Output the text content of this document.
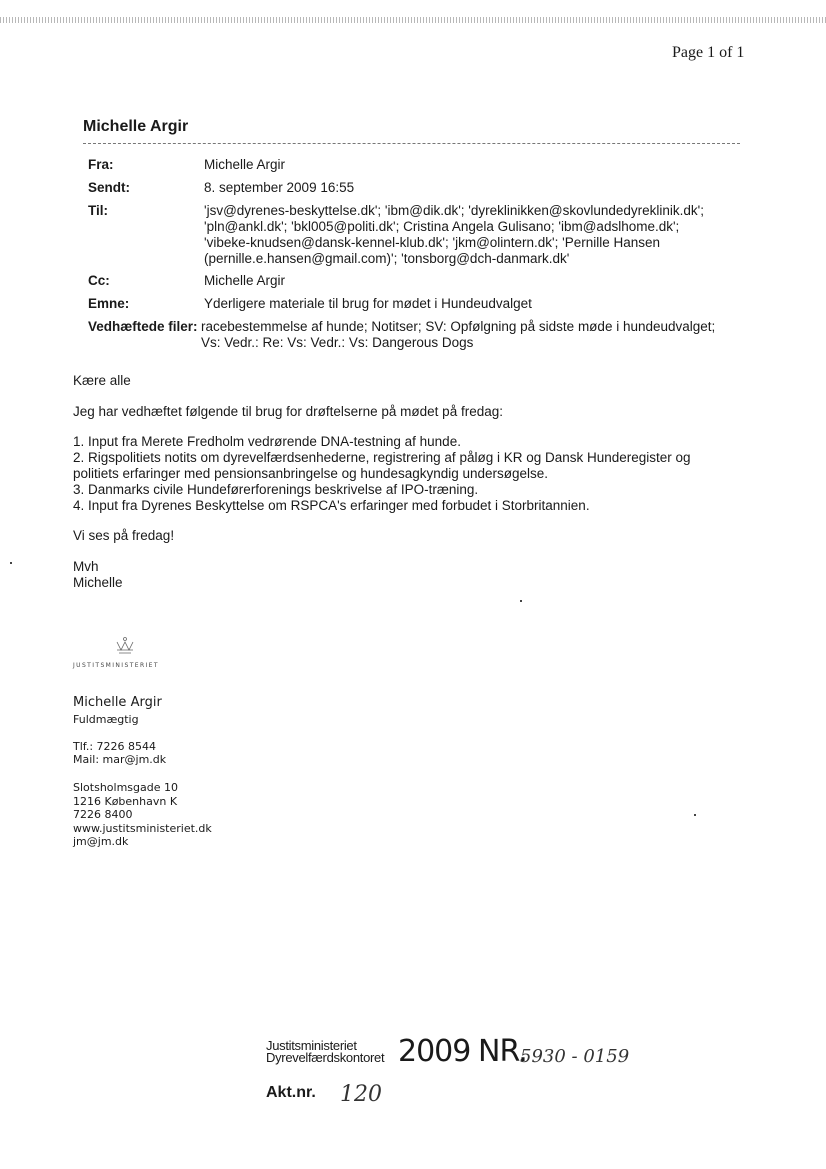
Page 1 of 1
Michelle Argir
Fra:	Michelle Argir
Sendt:	8. september 2009 16:55
Til:	'jsv@dyrenes-beskyttelse.dk'; 'ibm@dik.dk'; 'dyreklinikken@skovlundedyreklinik.dk';
'pln@ankl.dk'; 'bkl005@politi.dk'; Cristina Angela Gulisano; 'ibm@adslhome.dk';
'vibeke-knudsen@dansk-kennel-klub.dk'; 'jkm@olintern.dk'; 'Pernille Hansen
(pernille.e.hansen@gmail.com)'; 'tonsborg@dch-danmark.dk'
Cc:	Michelle Argir
Emne:	Yderligere materiale til brug for mødet i Hundeudvalget
Vedhæftede filer: racebestemmelse af hunde; Notitser; SV: Opfølgning på sidste møde i hundeudvalget;
Vs: Vedr.: Re: Vs: Vedr.: Vs: Dangerous Dogs
Kære alle
Jeg har vedhæftet følgende til brug for drøftelserne på mødet på fredag:
1. Input fra Merete Fredholm vedrørende DNA-testning af hunde.
2. Rigspolitiets notits om dyrevelfærdsenhederne, registrering af påløg i KR og Dansk Hunderegister og
politiets erfaringer med pensionsanbringelse og hundesagkyndig undersøgelse.
3. Danmarks civile Hundeførerforenings beskrivelse af IPO-træning.
4. Input fra Dyrenes Beskyttelse om RSPCA's erfaringer med forbudet i Storbritannien.
Vi ses på fredag!
Mvh
Michelle
JUSTITSMINISTERIET
Michelle Argir
Fuldmægtig
Tlf.: 7226 8544
Mail: mar@jm.dk
Slotsholmsgade 10
1216 København K
7226 8400
www.justitsministeriet.dk
jm@jm.dk
Justitsministeriet
Dyrevelfærdskontoret 2009 NR.
5930 - 0159
Akt.nr. 120
